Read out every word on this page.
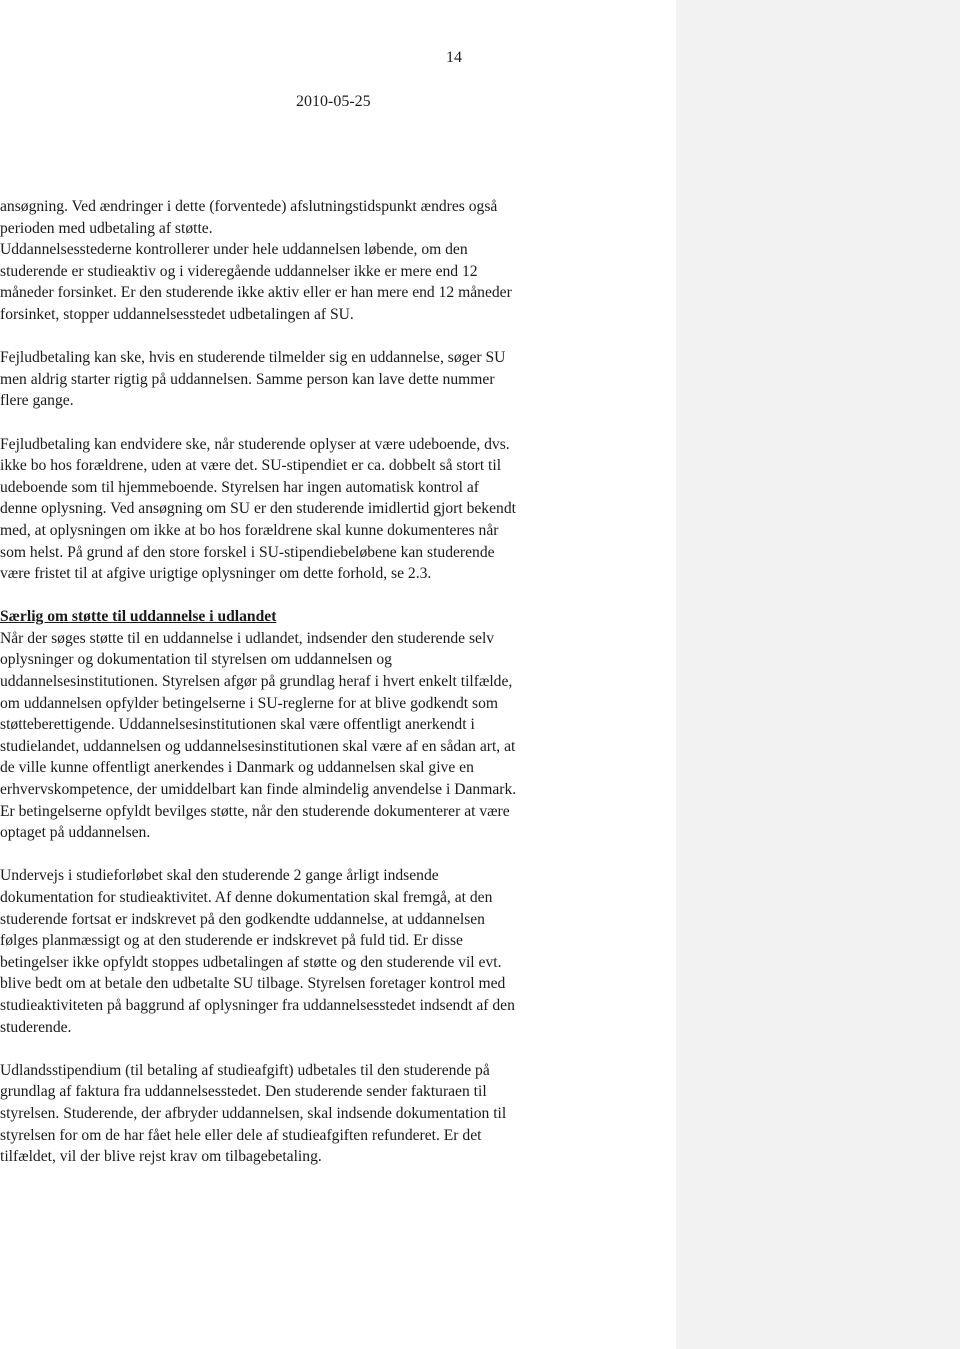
14
2010-05-25

ansøgning. Ved ændringer i dette (forventede) afslutningstidspunkt ændres også
perioden med udbetaling af støtte.
Uddannelsesstederne kontrollerer under hele uddannelsen løbende, om den
studerende er studieaktiv og i videregående uddannelser ikke er mere end 12
måneder forsinket. Er den studerende ikke aktiv eller er han mere end 12 måneder
forsinket, stopper uddannelsesstedet udbetalingen af SU.

Fejludbetaling kan ske, hvis en studerende tilmelder sig en uddannelse, søger SU
men aldrig starter rigtig på uddannelsen. Samme person kan lave dette nummer
flere gange.

Fejludbetaling kan endvidere ske, når studerende oplyser at være udeboende, dvs.
ikke bo hos forældrene, uden at være det. SU-stipendiet er ca. dobbelt så stort til
udeboende som til hjemmeboende. Styrelsen har ingen automatisk kontrol af
denne oplysning. Ved ansøgning om SU er den studerende imidlertid gjort bekendt
med, at oplysningen om ikke at bo hos forældrene skal kunne dokumenteres når
som helst. På grund af den store forskel i SU-stipendiebeløbene kan studerende
være fristet til at afgive urigtige oplysninger om dette forhold, se 2.3.

Særlig om støtte til uddannelse i udlandet
Når der søges støtte til en uddannelse i udlandet, indsender den studerende selv
oplysninger og dokumentation til styrelsen om uddannelsen og
uddannelsesinstitutionen. Styrelsen afgør på grundlag heraf i hvert enkelt tilfælde,
om uddannelsen opfylder betingelserne i SU-reglerne for at blive godkendt som
støtteberettigende. Uddannelsesinstitutionen skal være offentligt anerkendt i
studielandet, uddannelsen og uddannelsesinstitutionen skal være af en sådan art, at
de ville kunne offentligt anerkendes i Danmark og uddannelsen skal give en
erhvervskompetence, der umiddelbart kan finde almindelig anvendelse i Danmark.
Er betingelserne opfyldt bevilges støtte, når den studerende dokumenterer at være
optaget på uddannelsen.

Undervejs i studieforløbet skal den studerende 2 gange årligt indsende
dokumentation for studieaktivitet. Af denne dokumentation skal fremgå, at den
studerende fortsat er indskrevet på den godkendte uddannelse, at uddannelsen
følges planmæssigt og at den studerende er indskrevet på fuld tid. Er disse
betingelser ikke opfyldt stoppes udbetalingen af støtte og den studerende vil evt.
blive bedt om at betale den udbetalte SU tilbage. Styrelsen foretager kontrol med
studieaktiviteten på baggrund af oplysninger fra uddannelsesstedet indsendt af den
studerende.

Udlandsstipendium (til betaling af studieafgift) udbetales til den studerende på
grundlag af faktura fra uddannelsesstedet. Den studerende sender fakturaen til
styrelsen. Studerende, der afbryder uddannelsen, skal indsende dokumentation til
styrelsen for om de har fået hele eller dele af studieafgiften refunderet. Er det
tilfældet, vil der blive rejst krav om tilbagebetaling.
